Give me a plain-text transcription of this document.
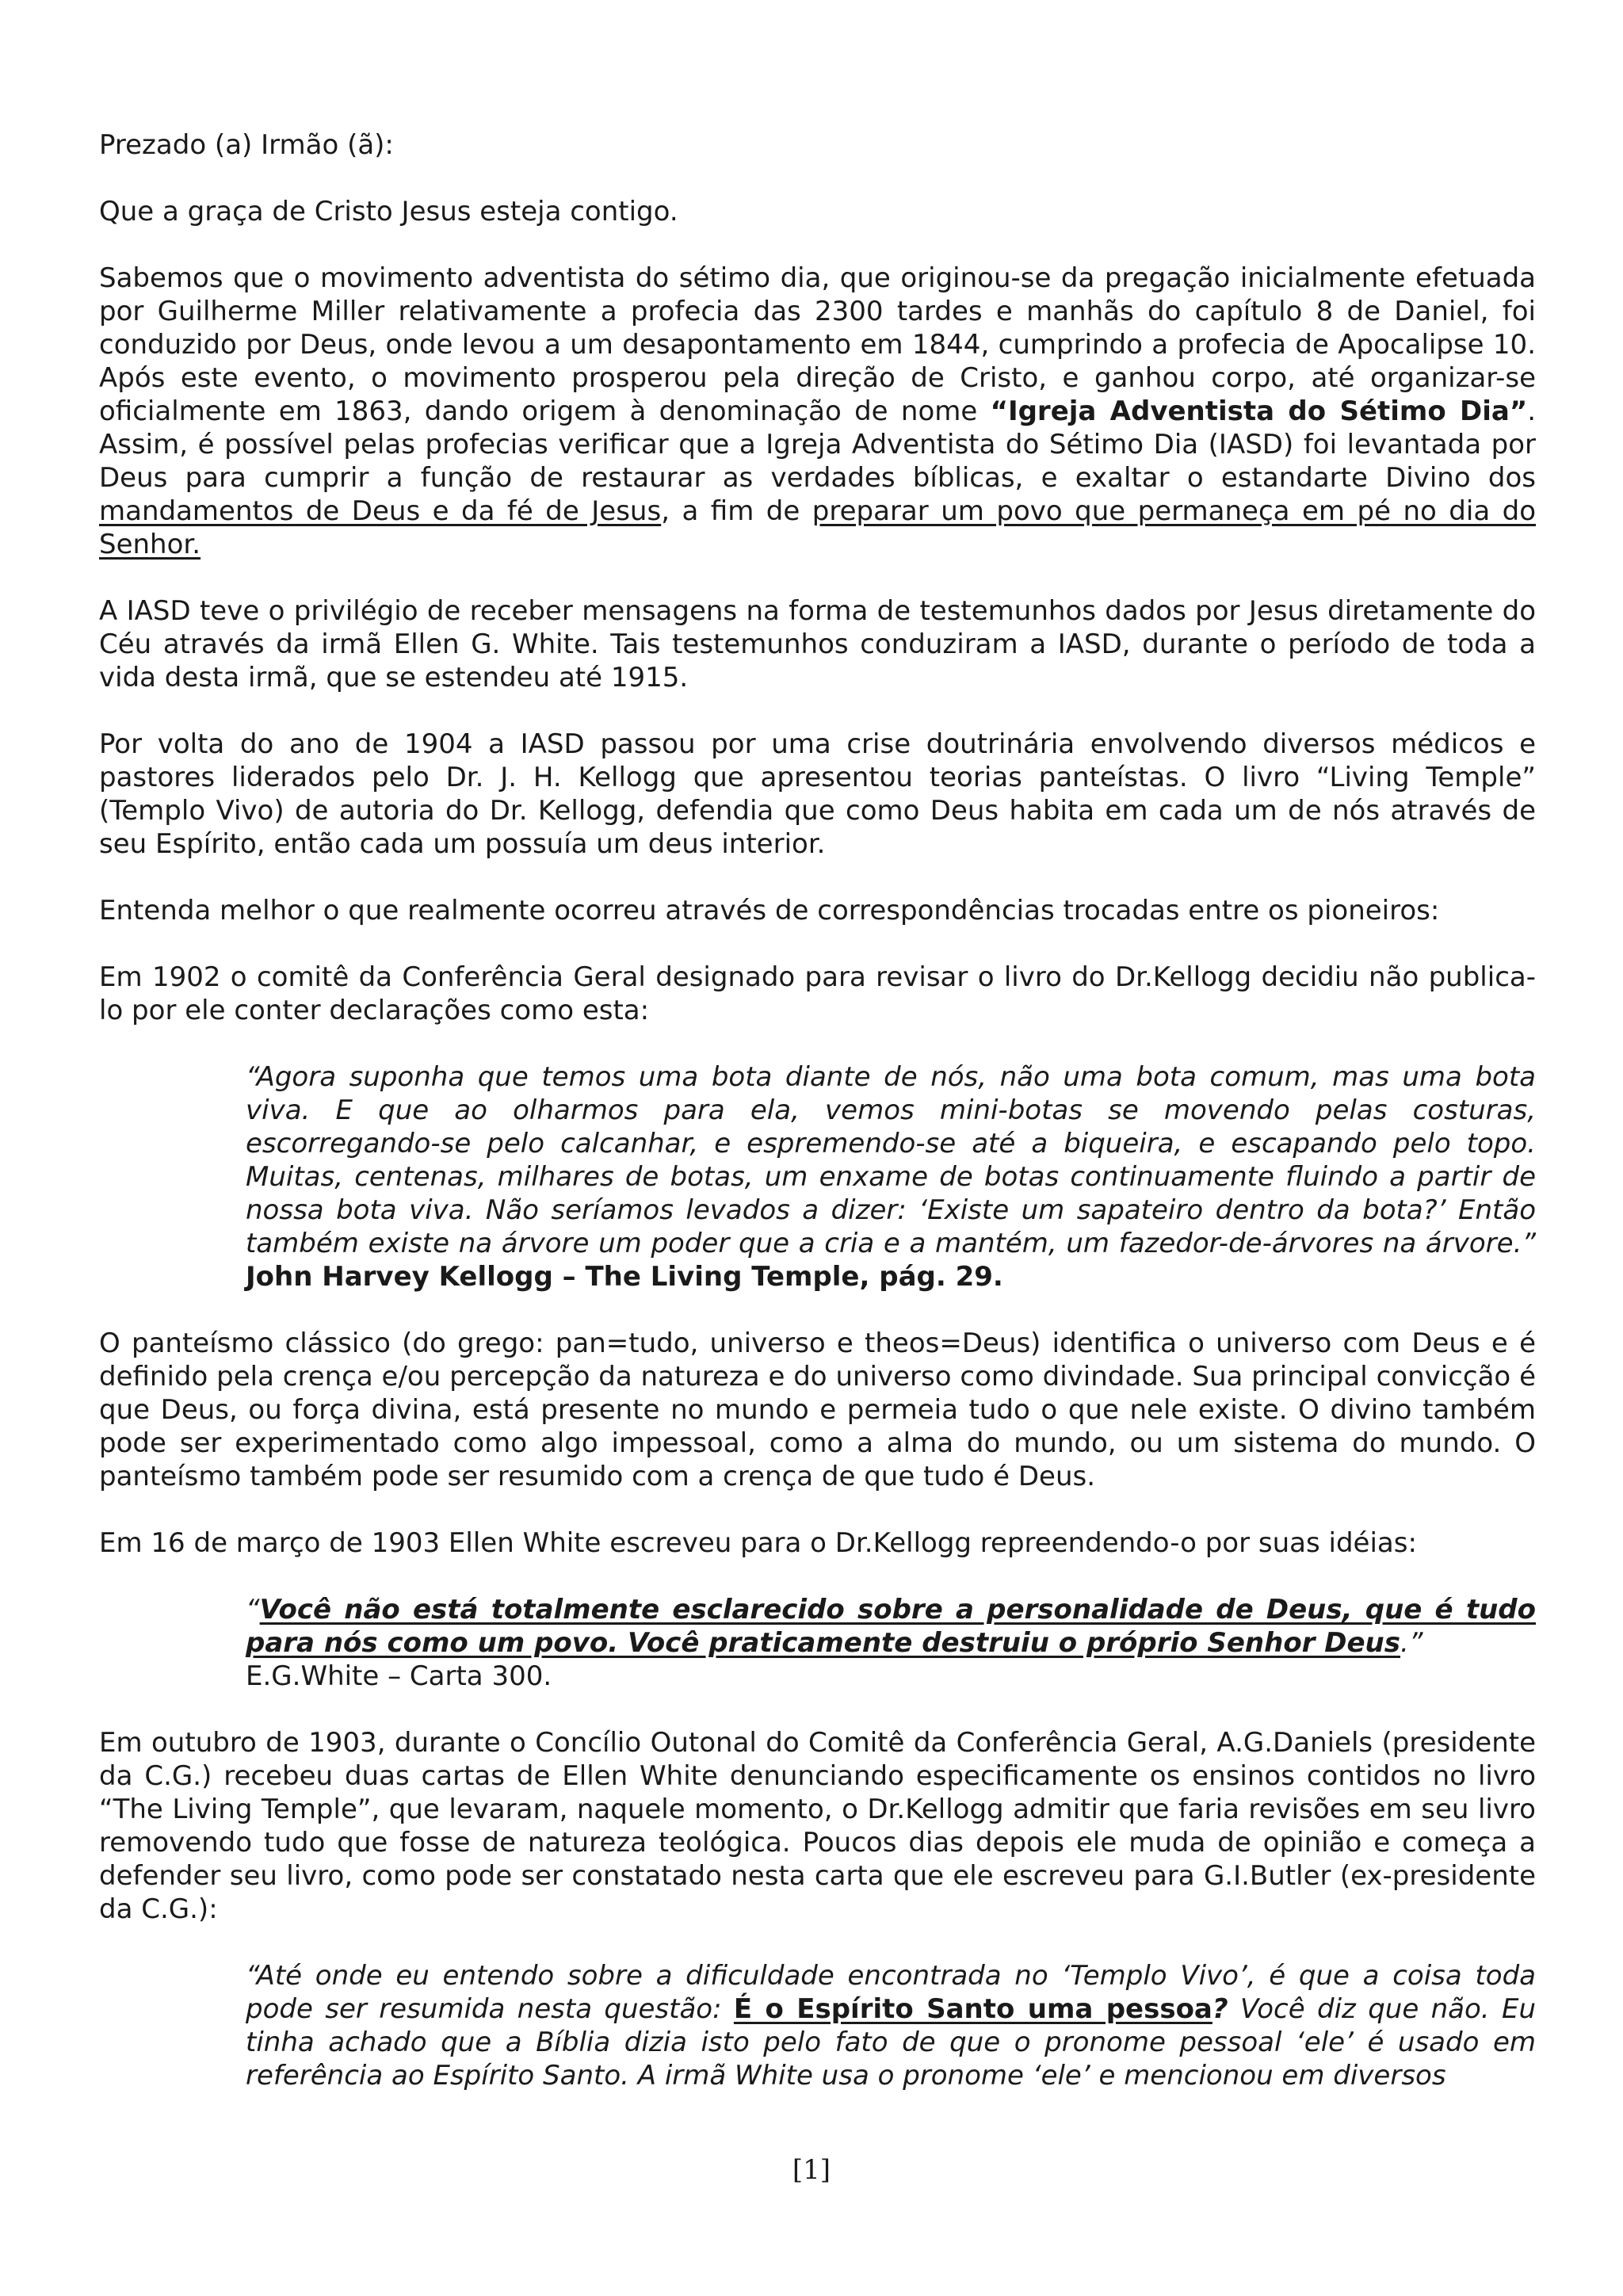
Prezado (a) Irmão (ã):

Que a graça de Cristo Jesus esteja contigo.

Sabemos que o movimento adventista do sétimo dia, que originou-se da pregação inicialmente efetuada por Guilherme Miller relativamente a profecia das 2300 tardes e manhãs do capítulo 8 de Daniel, foi conduzido por Deus, onde levou a um desapontamento em 1844, cumprindo a profecia de Apocalipse 10. Após este evento, o movimento prosperou pela direção de Cristo, e ganhou corpo, até organizar-se oficialmente em 1863, dando origem à denominação de nome “Igreja Adventista do Sétimo Dia”. Assim, é possível pelas profecias verificar que a Igreja Adventista do Sétimo Dia (IASD) foi levantada por Deus para cumprir a função de restaurar as verdades bíblicas, e exaltar o estandarte Divino dos mandamentos de Deus e da fé de Jesus, a fim de preparar um povo que permaneça em pé no dia do Senhor.

A IASD teve o privilégio de receber mensagens na forma de testemunhos dados por Jesus diretamente do Céu através da irmã Ellen G. White. Tais testemunhos conduziram a IASD, durante o período de toda a vida desta irmã, que se estendeu até 1915.

Por volta do ano de 1904 a IASD passou por uma crise doutrinária envolvendo diversos médicos e pastores liderados pelo Dr. J. H. Kellogg que apresentou teorias panteístas. O livro “Living Temple” (Templo Vivo) de autoria do Dr. Kellogg, defendia que como Deus habita em cada um de nós através de seu Espírito, então cada um possuía um deus interior.

Entenda melhor o que realmente ocorreu através de correspondências trocadas entre os pioneiros:

Em 1902 o comitê da Conferência Geral designado para revisar o livro do Dr.Kellogg decidiu não publica-lo por ele conter declarações como esta:

“Agora suponha que temos uma bota diante de nós, não uma bota comum, mas uma bota viva. E que ao olharmos para ela, vemos mini-botas se movendo pelas costuras, escorregando-se pelo calcanhar, e espremendo-se até a biqueira, e escapando pelo topo. Muitas, centenas, milhares de botas, um enxame de botas continuamente fluindo a partir de nossa bota viva. Não seríamos levados a dizer: ‘Existe um sapateiro dentro da bota?’ Então também existe na árvore um poder que a cria e a mantém, um fazedor-de-árvores na árvore.” John Harvey Kellogg – The Living Temple, pág. 29.

O panteísmo clássico (do grego: pan=tudo, universo e theos=Deus) identifica o universo com Deus e é definido pela crença e/ou percepção da natureza e do universo como divindade. Sua principal convicção é que Deus, ou força divina, está presente no mundo e permeia tudo o que nele existe. O divino também pode ser experimentado como algo impessoal, como a alma do mundo, ou um sistema do mundo. O panteísmo também pode ser resumido com a crença de que tudo é Deus.

Em 16 de março de 1903 Ellen White escreveu para o Dr.Kellogg repreendendo-o por suas idéias:

“Você não está totalmente esclarecido sobre a personalidade de Deus, que é tudo para nós como um povo. Você praticamente destruiu o próprio Senhor Deus.”
E.G.White – Carta 300.

Em outubro de 1903, durante o Concílio Outonal do Comitê da Conferência Geral, A.G.Daniels (presidente da C.G.) recebeu duas cartas de Ellen White denunciando especificamente os ensinos contidos no livro “The Living Temple”, que levaram, naquele momento, o Dr.Kellogg admitir que faria revisões em seu livro removendo tudo que fosse de natureza teológica. Poucos dias depois ele muda de opinião e começa a defender seu livro, como pode ser constatado nesta carta que ele escreveu para G.I.Butler (ex-presidente da C.G.):

“Até onde eu entendo sobre a dificuldade encontrada no ‘Templo Vivo’, é que a coisa toda pode ser resumida nesta questão: É o Espírito Santo uma pessoa? Você diz que não. Eu tinha achado que a Bíblia dizia isto pelo fato de que o pronome pessoal ‘ele’ é usado em referência ao Espírito Santo. A irmã White usa o pronome ‘ele’ e mencionou em diversos

[1]
